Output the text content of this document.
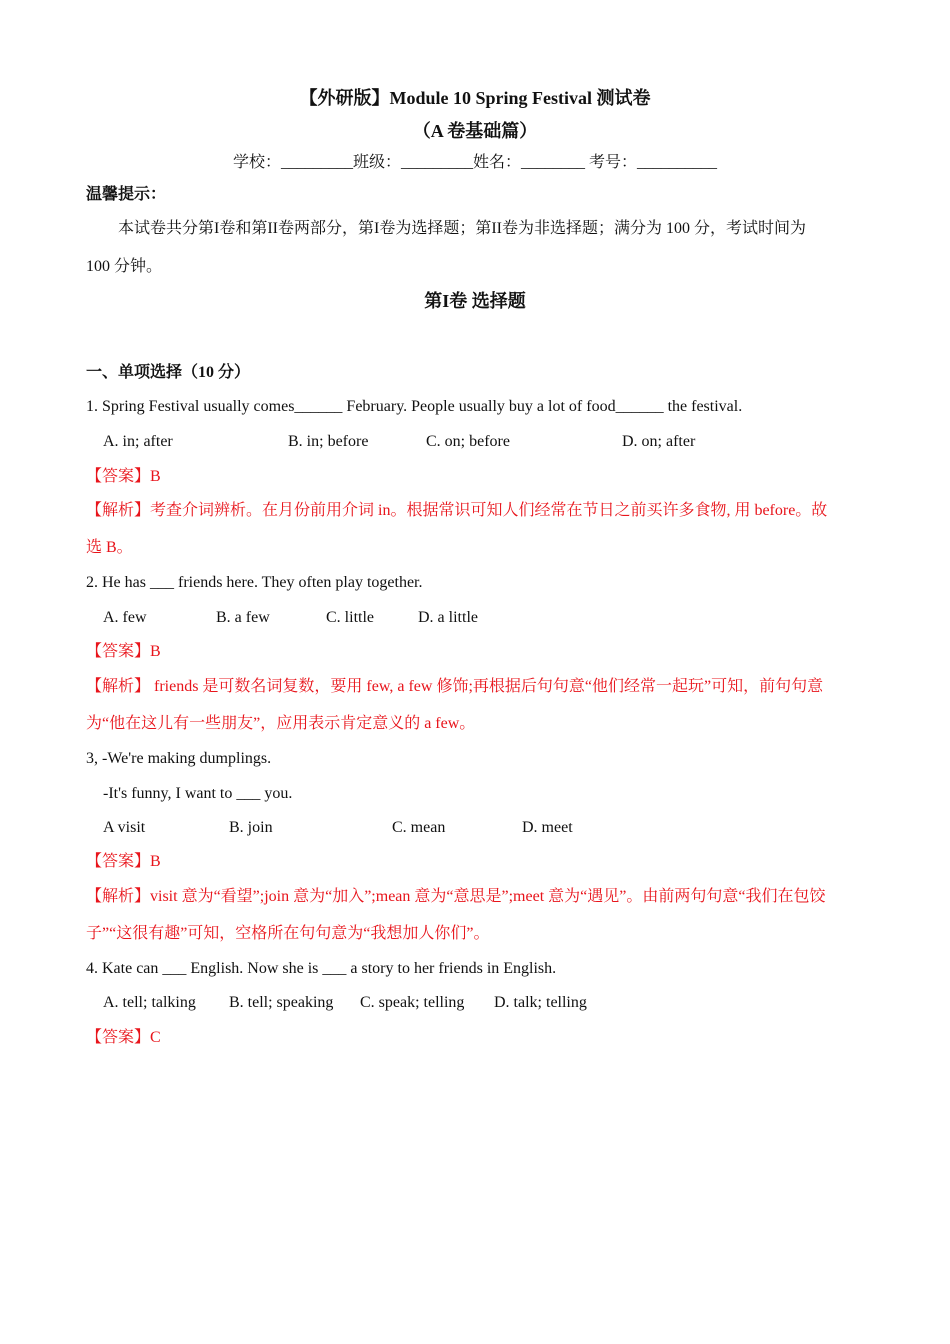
【外研版】Module 10 Spring Festival 测试卷
（A 卷基础篇）
学校：_________班级：_________姓名：________ 考号：__________
温馨提示：
本试卷共分第I卷和第II卷两部分，第I卷为选择题；第II卷为非选择题；满分为 100 分，考试时间为
100 分钟。
第I卷 选择题
一、单项选择（10 分）
1. Spring Festival usually comes______ February. People usually buy a lot of food______ the festival.
A. in; after	B. in; before	C. on; before	D. on; after
【答案】B
【解析】考查介词辨析。在月份前用介词 in。根据常识可知人们经常在节日之前买许多食物, 用 before。故
选 B。
2. He has ___ friends here. They often play together.
A. few	B. a few	C. little	D. a little
【答案】B
【解析】 friends 是可数名词复数，要用 few, a few 修饰;再根据后句句意“他们经常一起玩”可知，前句句意
为“他在这儿有一些朋友”，应用表示肯定意义的 a few。
3, -We're making dumplings.
-It's funny, I want to ___ you.
A visit	B. join	C. mean	D. meet
【答案】B
【解析】visit 意为“看望”;join 意为“加入”;mean 意为“意思是”;meet 意为“遇见”。由前两句句意“我们在包饺
子”“这很有趣”可知，空格所在句句意为“我想加人你们”。
4. Kate can ___ English. Now she is ___ a story to her friends in English.
A. tell; talking B. tell; speaking C. speak; telling D. talk; telling
【答案】C
